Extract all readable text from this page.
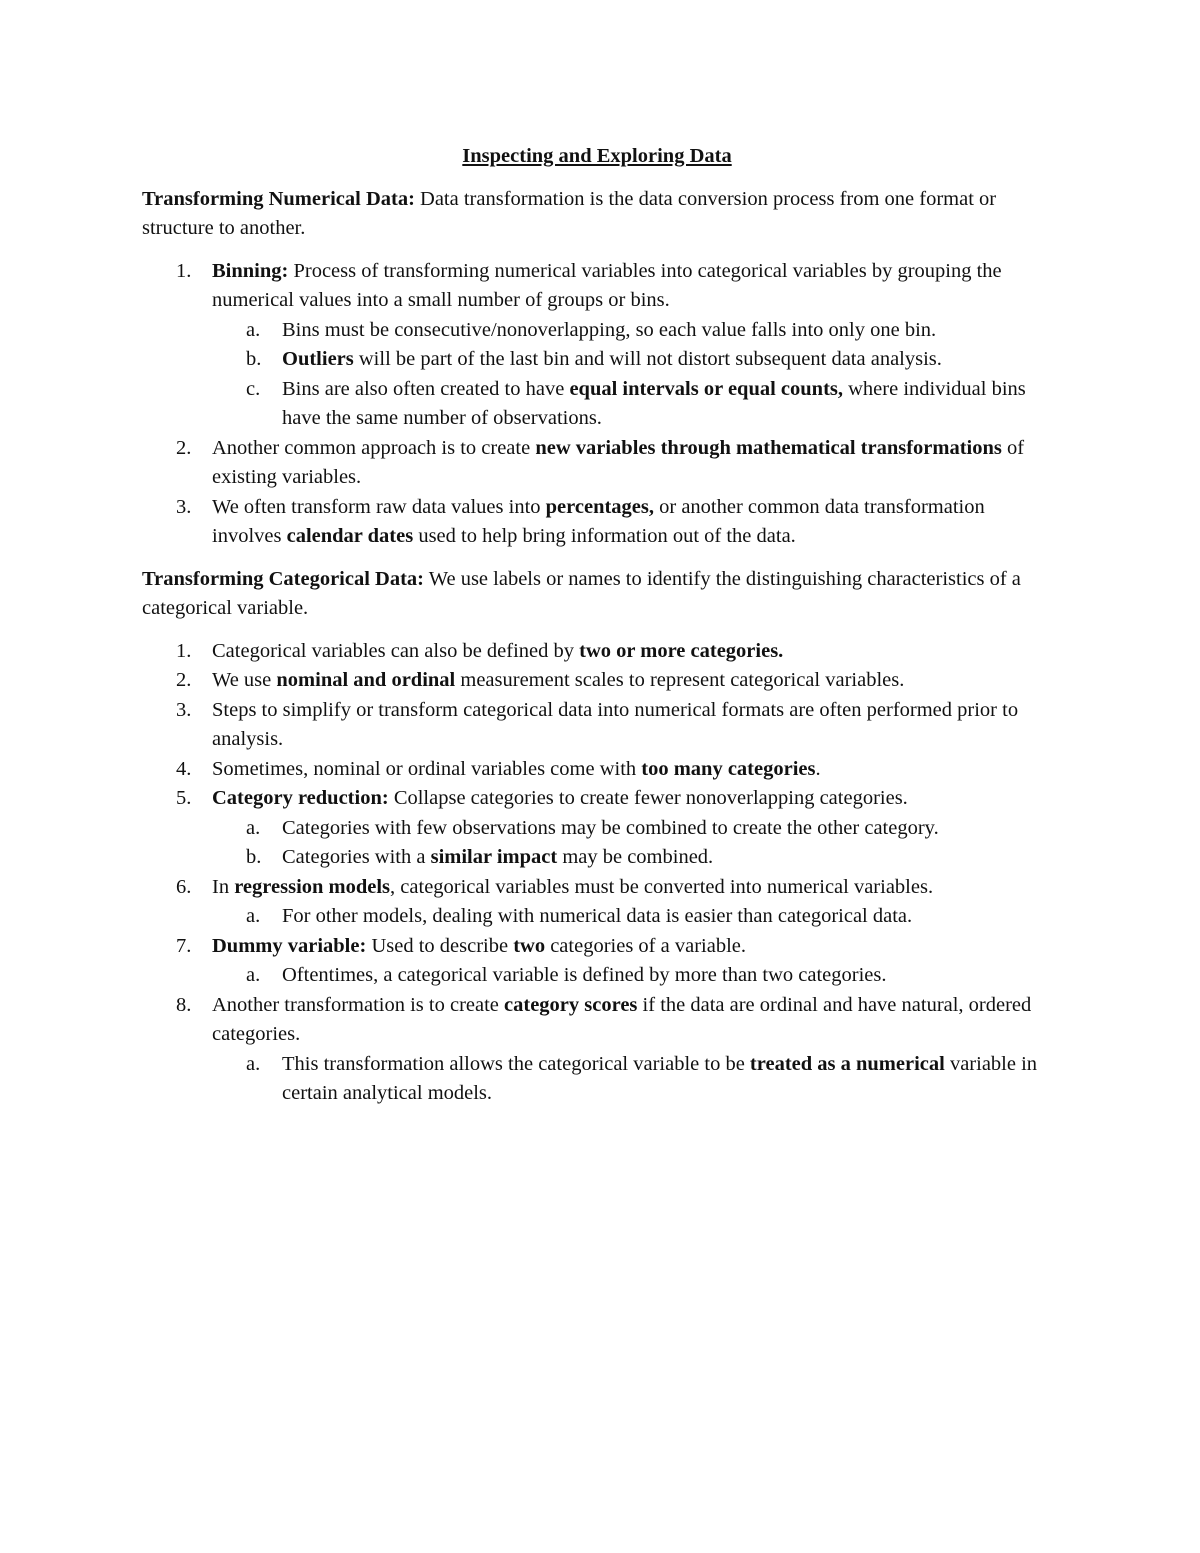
Inspecting and Exploring Data
Transforming Numerical Data: Data transformation is the data conversion process from one format or structure to another.
1. Binning: Process of transforming numerical variables into categorical variables by grouping the numerical values into a small number of groups or bins.
a. Bins must be consecutive/nonoverlapping, so each value falls into only one bin.
b. Outliers will be part of the last bin and will not distort subsequent data analysis.
c. Bins are also often created to have equal intervals or equal counts, where individual bins have the same number of observations.
2. Another common approach is to create new variables through mathematical transformations of existing variables.
3. We often transform raw data values into percentages, or another common data transformation involves calendar dates used to help bring information out of the data.
Transforming Categorical Data: We use labels or names to identify the distinguishing characteristics of a categorical variable.
1. Categorical variables can also be defined by two or more categories.
2. We use nominal and ordinal measurement scales to represent categorical variables.
3. Steps to simplify or transform categorical data into numerical formats are often performed prior to analysis.
4. Sometimes, nominal or ordinal variables come with too many categories.
5. Category reduction: Collapse categories to create fewer nonoverlapping categories.
a. Categories with few observations may be combined to create the other category.
b. Categories with a similar impact may be combined.
6. In regression models, categorical variables must be converted into numerical variables.
a. For other models, dealing with numerical data is easier than categorical data.
7. Dummy variable: Used to describe two categories of a variable.
a. Oftentimes, a categorical variable is defined by more than two categories.
8. Another transformation is to create category scores if the data are ordinal and have natural, ordered categories.
a. This transformation allows the categorical variable to be treated as a numerical variable in certain analytical models.
